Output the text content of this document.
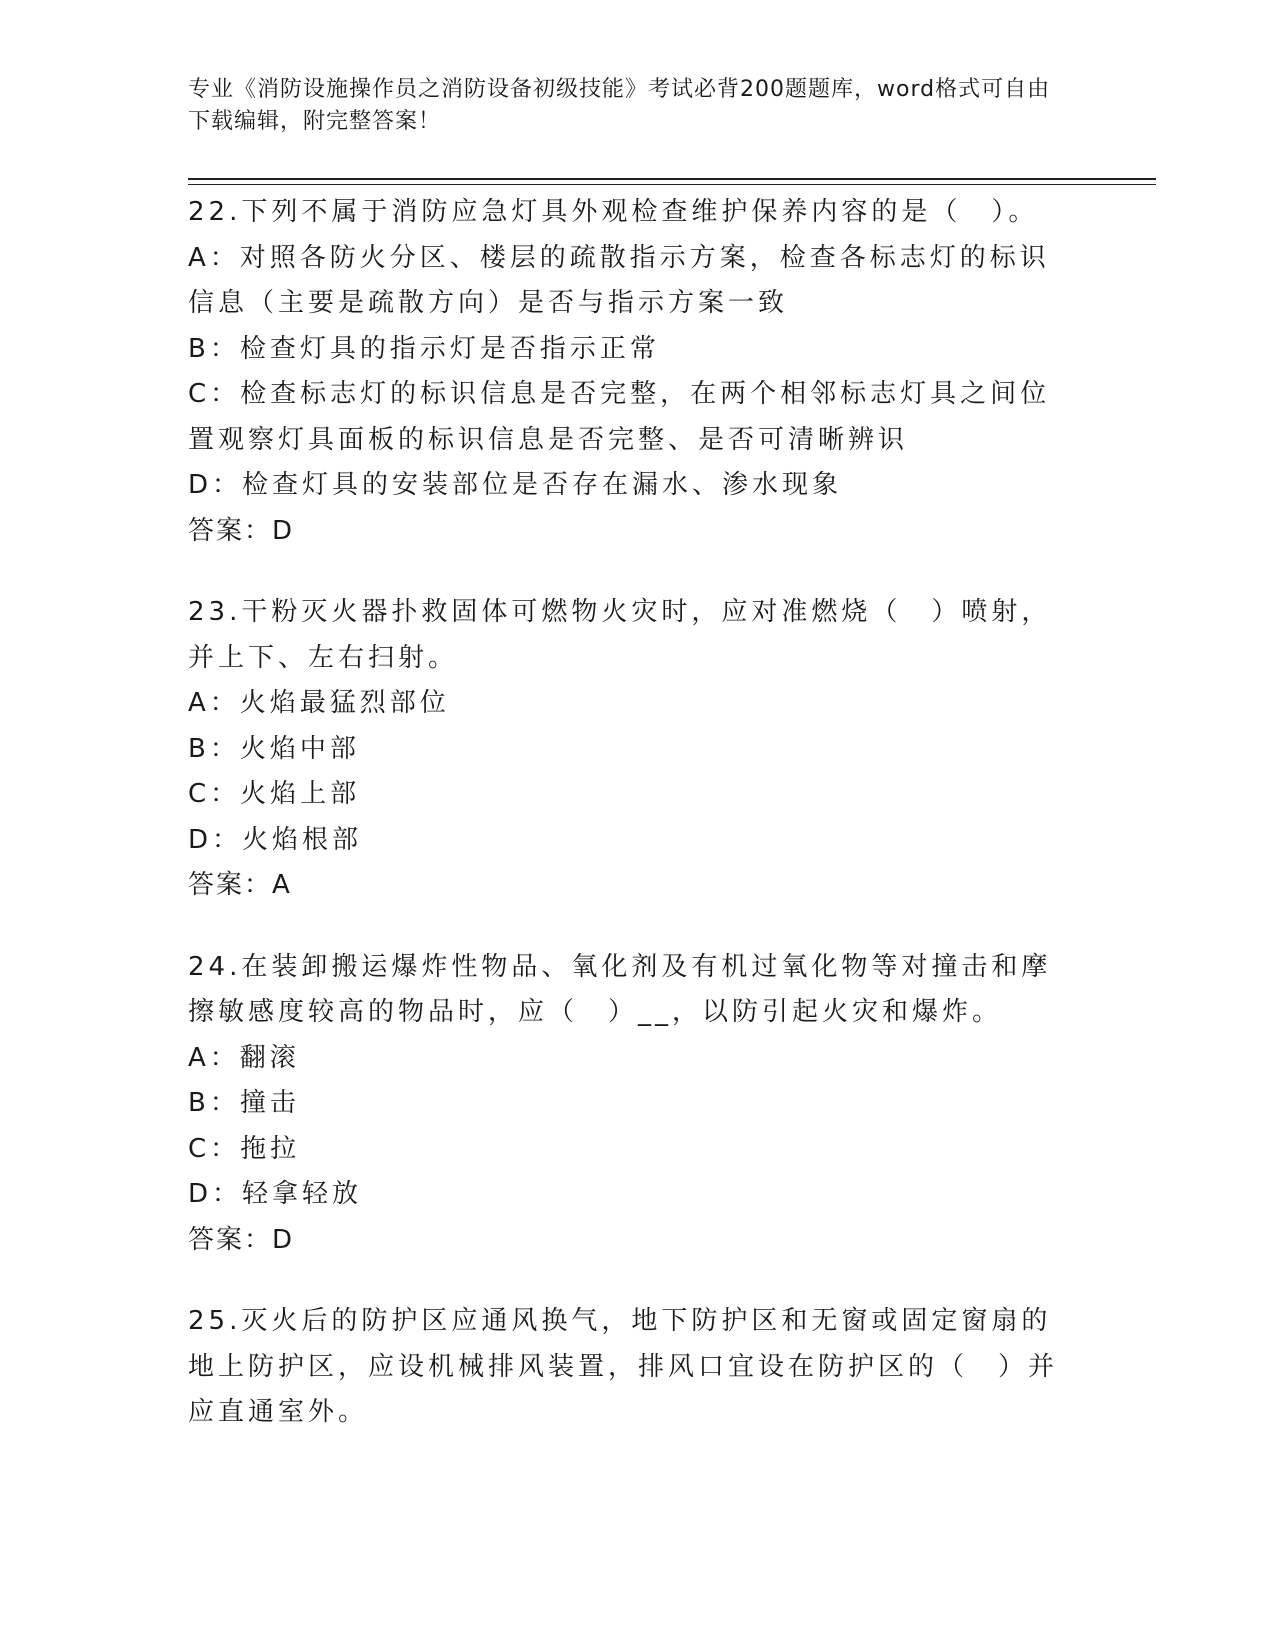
专业《消防设施操作员之消防设备初级技能》考试必背200题题库，word格式可自由下载编辑，附完整答案！

22.下列不属于消防应急灯具外观检查维护保养内容的是（　）。

A：对照各防火分区、楼层的疏散指示方案，检查各标志灯的标识信息（主要是疏散方向）是否与指示方案一致

B：检查灯具的指示灯是否指示正常

C：检查标志灯的标识信息是否完整，在两个相邻标志灯具之间位置观察灯具面板的标识信息是否完整、是否可清晰辨识

D：检查灯具的安装部位是否存在漏水、渗水现象

答案：D

23.干粉灭火器扑救固体可燃物火灾时，应对准燃烧（　）喷射，并上下、左右扫射。

A：火焰最猛烈部位

B：火焰中部

C：火焰上部

D：火焰根部

答案：A

24.在装卸搬运爆炸性物品、氧化剂及有机过氧化物等对撞击和摩擦敏感度较高的物品时，应（　）__，以防引起火灾和爆炸。

A：翻滚

B：撞击

C：拖拉

D：轻拿轻放

答案：D

25.灭火后的防护区应通风换气，地下防护区和无窗或固定窗扇的地上防护区，应设机械排风装置，排风口宜设在防护区的（　）并应直通室外。
